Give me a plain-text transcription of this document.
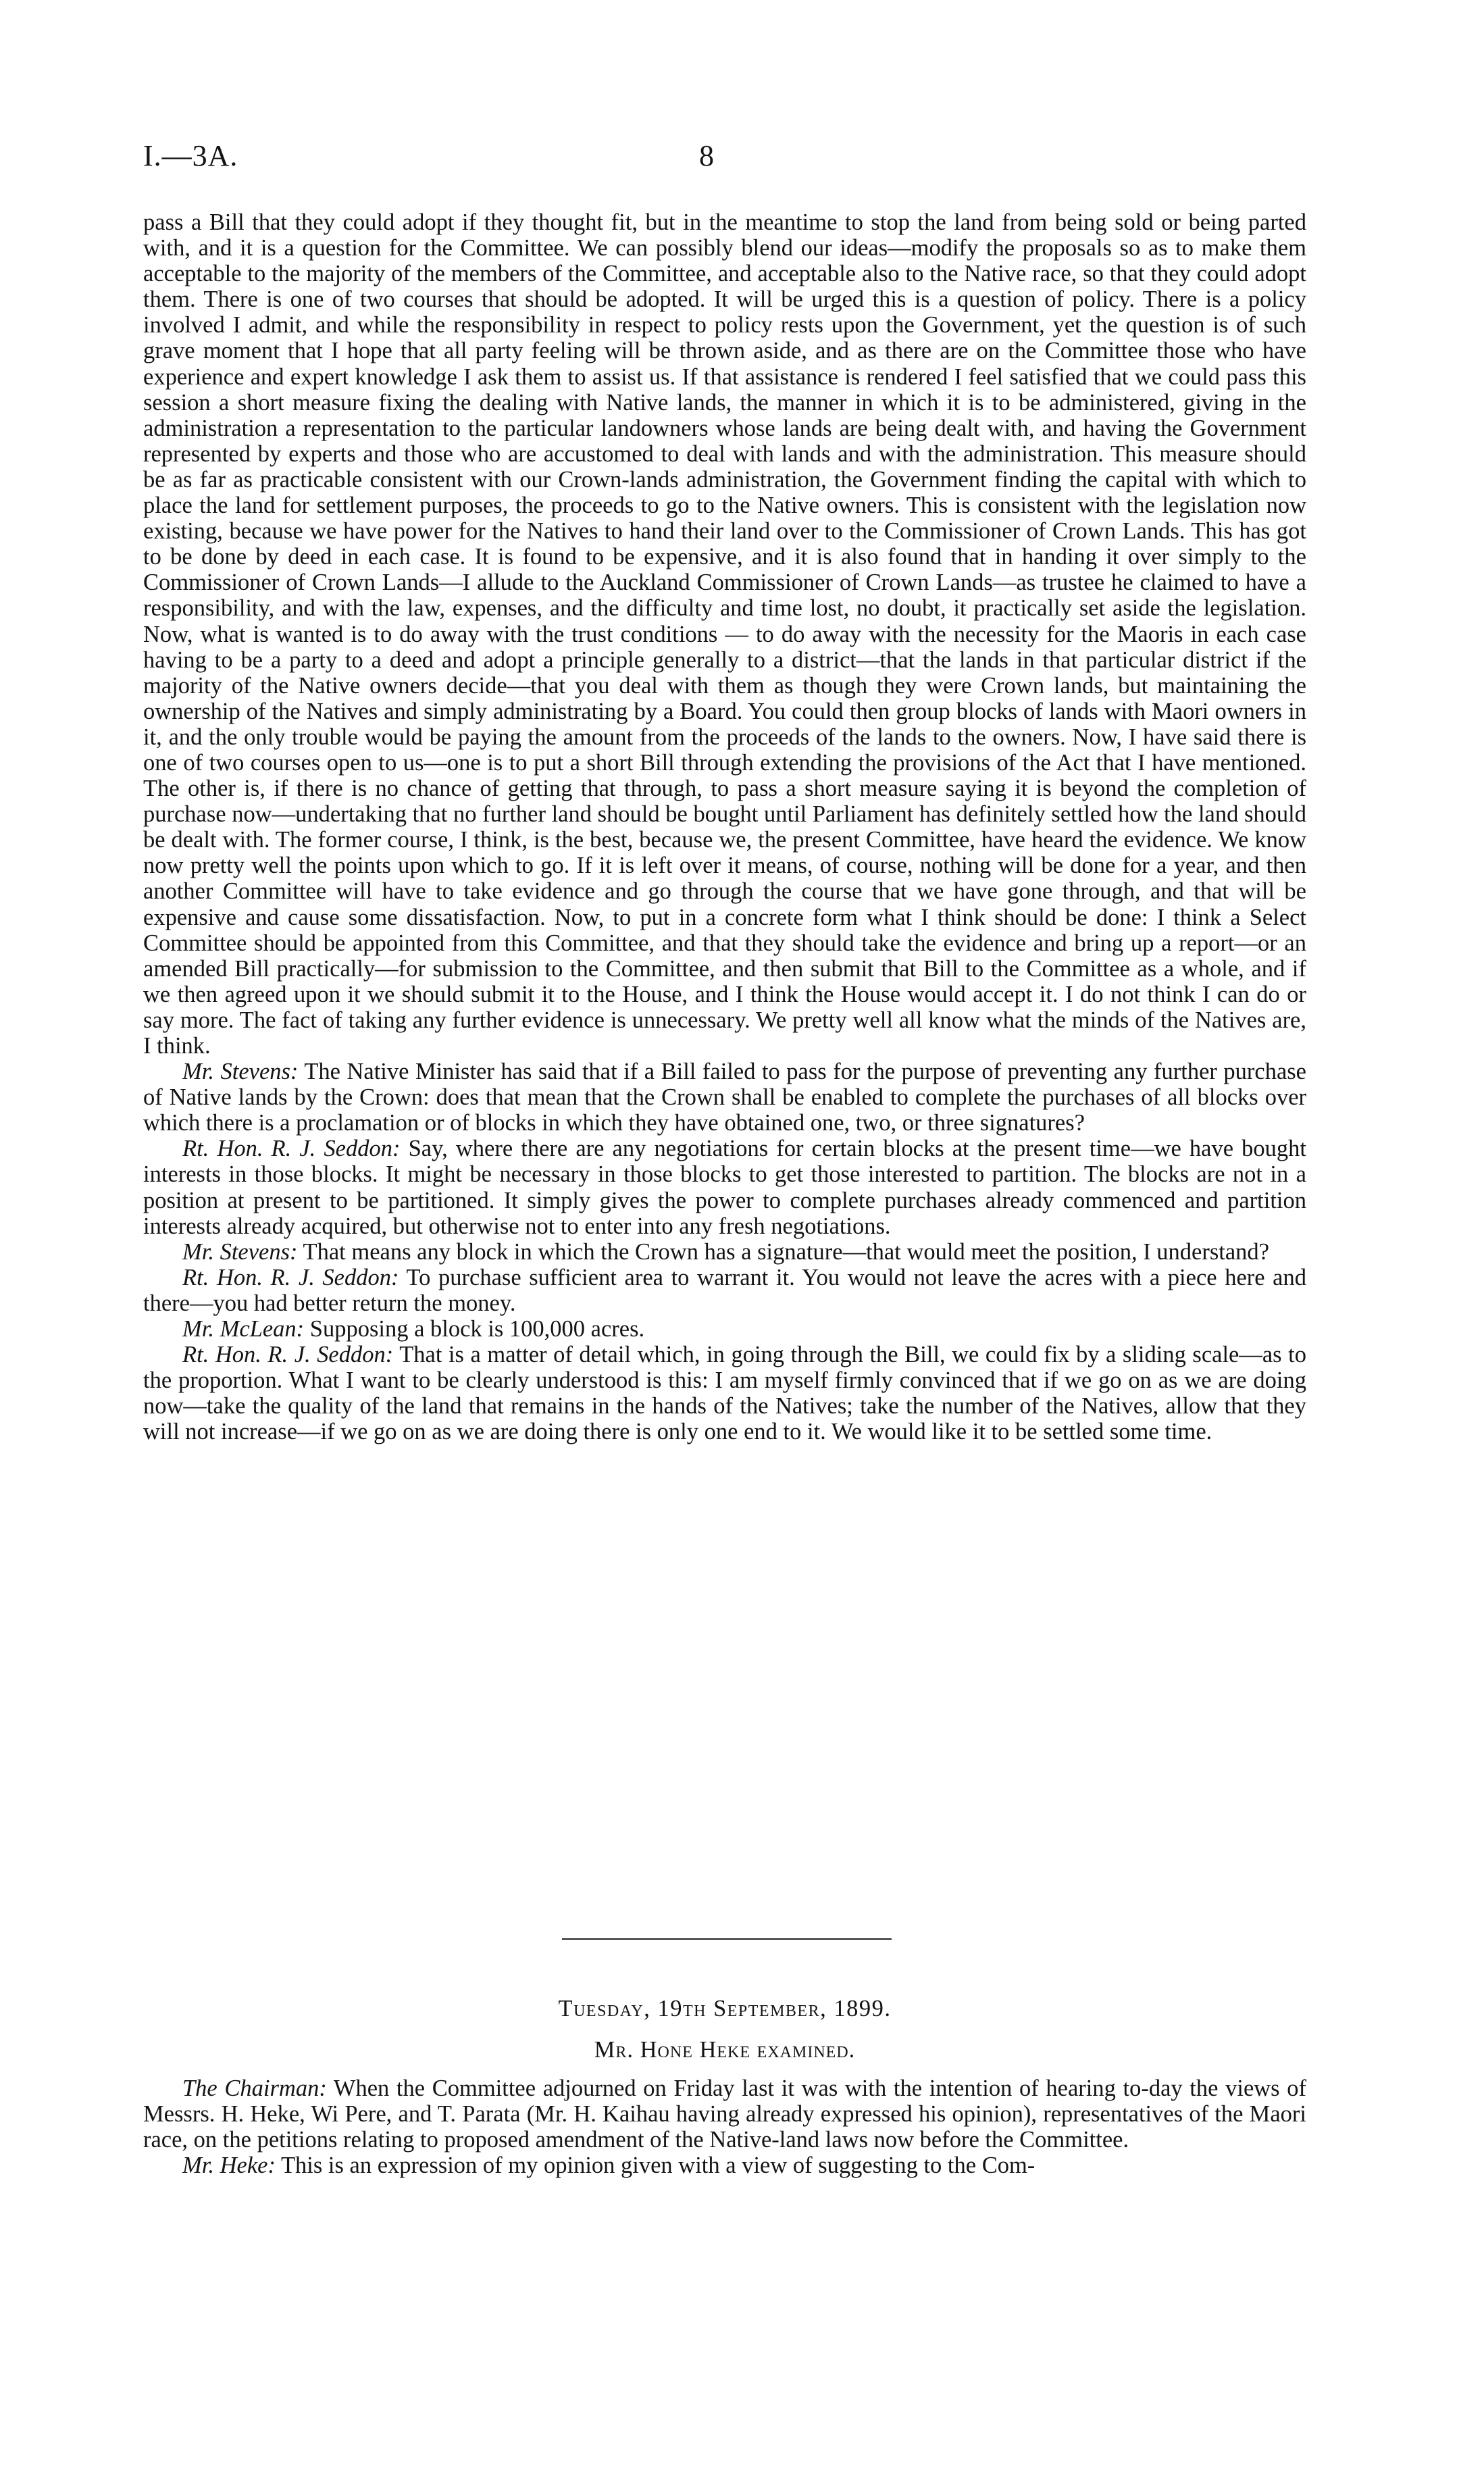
I.—3A.	8

pass a Bill that they could adopt if they thought fit, but in the meantime to stop the land from being sold or being parted with, and it is a question for the Committee. We can possibly blend our ideas—modify the proposals so as to make them acceptable to the majority of the members of the Committee, and acceptable also to the Native race, so that they could adopt them. There is one of two courses that should be adopted. It will be urged this is a question of policy. There is a policy involved I admit, and while the responsibility in respect to policy rests upon the Government, yet the question is of such grave moment that I hope that all party feeling will be thrown aside, and as there are on the Committee those who have experience and expert knowledge I ask them to assist us. If that assistance is rendered I feel satisfied that we could pass this session a short measure fixing the dealing with Native lands, the manner in which it is to be administered, giving in the administration a representation to the particular landowners whose lands are being dealt with, and having the Government represented by experts and those who are accustomed to deal with lands and with the administration. This measure should be as far as practicable consistent with our Crown-lands administration, the Government finding the capital with which to place the land for settlement purposes, the proceeds to go to the Native owners. This is consistent with the legislation now existing, because we have power for the Natives to hand their land over to the Commissioner of Crown Lands. This has got to be done by deed in each case. It is found to be expensive, and it is also found that in handing it over simply to the Commissioner of Crown Lands—I allude to the Auckland Commissioner of Crown Lands—as trustee he claimed to have a responsibility, and with the law, expenses, and the difficulty and time lost, no doubt, it practically set aside the legislation. Now, what is wanted is to do away with the trust conditions — to do away with the necessity for the Maoris in each case having to be a party to a deed and adopt a principle generally to a district—that the lands in that particular district if the majority of the Native owners decide—that you deal with them as though they were Crown lands, but maintaining the ownership of the Natives and simply administrating by a Board. You could then group blocks of lands with Maori owners in it, and the only trouble would be paying the amount from the proceeds of the lands to the owners. Now, I have said there is one of two courses open to us—one is to put a short Bill through extending the provisions of the Act that I have mentioned. The other is, if there is no chance of getting that through, to pass a short measure saying it is beyond the completion of purchase now—undertaking that no further land should be bought until Parliament has definitely settled how the land should be dealt with. The former course, I think, is the best, because we, the present Committee, have heard the evidence. We know now pretty well the points upon which to go. If it is left over it means, of course, nothing will be done for a year, and then another Committee will have to take evidence and go through the course that we have gone through, and that will be expensive and cause some dissatisfaction. Now, to put in a concrete form what I think should be done: I think a Select Committee should be appointed from this Committee, and that they should take the evidence and bring up a report—or an amended Bill practically—for submission to the Committee, and then submit that Bill to the Committee as a whole, and if we then agreed upon it we should submit it to the House, and I think the House would accept it. I do not think I can do or say more. The fact of taking any further evidence is unnecessary. We pretty well all know what the minds of the Natives are, I think.

Mr. Stevens: The Native Minister has said that if a Bill failed to pass for the purpose of preventing any further purchase of Native lands by the Crown: does that mean that the Crown shall be enabled to complete the purchases of all blocks over which there is a proclamation or of blocks in which they have obtained one, two, or three signatures?

Rt. Hon. R. J. Seddon: Say, where there are any negotiations for certain blocks at the present time—we have bought interests in those blocks. It might be necessary in those blocks to get those interested to partition. The blocks are not in a position at present to be partitioned. It simply gives the power to complete purchases already commenced and partition interests already acquired, but otherwise not to enter into any fresh negotiations.

Mr. Stevens: That means any block in which the Crown has a signature—that would meet the position, I understand?

Rt. Hon. R. J. Seddon: To purchase sufficient area to warrant it. You would not leave the acres with a piece here and there—you had better return the money.

Mr. McLean: Supposing a block is 100,000 acres.

Rt. Hon. R. J. Seddon: That is a matter of detail which, in going through the Bill, we could fix by a sliding scale—as to the proportion. What I want to be clearly understood is this: I am myself firmly convinced that if we go on as we are doing now—take the quality of the land that remains in the hands of the Natives; take the number of the Natives, allow that they will not increase—if we go on as we are doing there is only one end to it. We would like it to be settled some time.

Tuesday, 19th September, 1899.

Mr. Hone Heke examined.

The Chairman: When the Committee adjourned on Friday last it was with the intention of hearing to-day the views of Messrs. H. Heke, Wi Pere, and T. Parata (Mr. H. Kaihau having already expressed his opinion), representatives of the Maori race, on the petitions relating to proposed amendment of the Native-land laws now before the Committee.

Mr. Heke: This is an expression of my opinion given with a view of suggesting to the Com-
